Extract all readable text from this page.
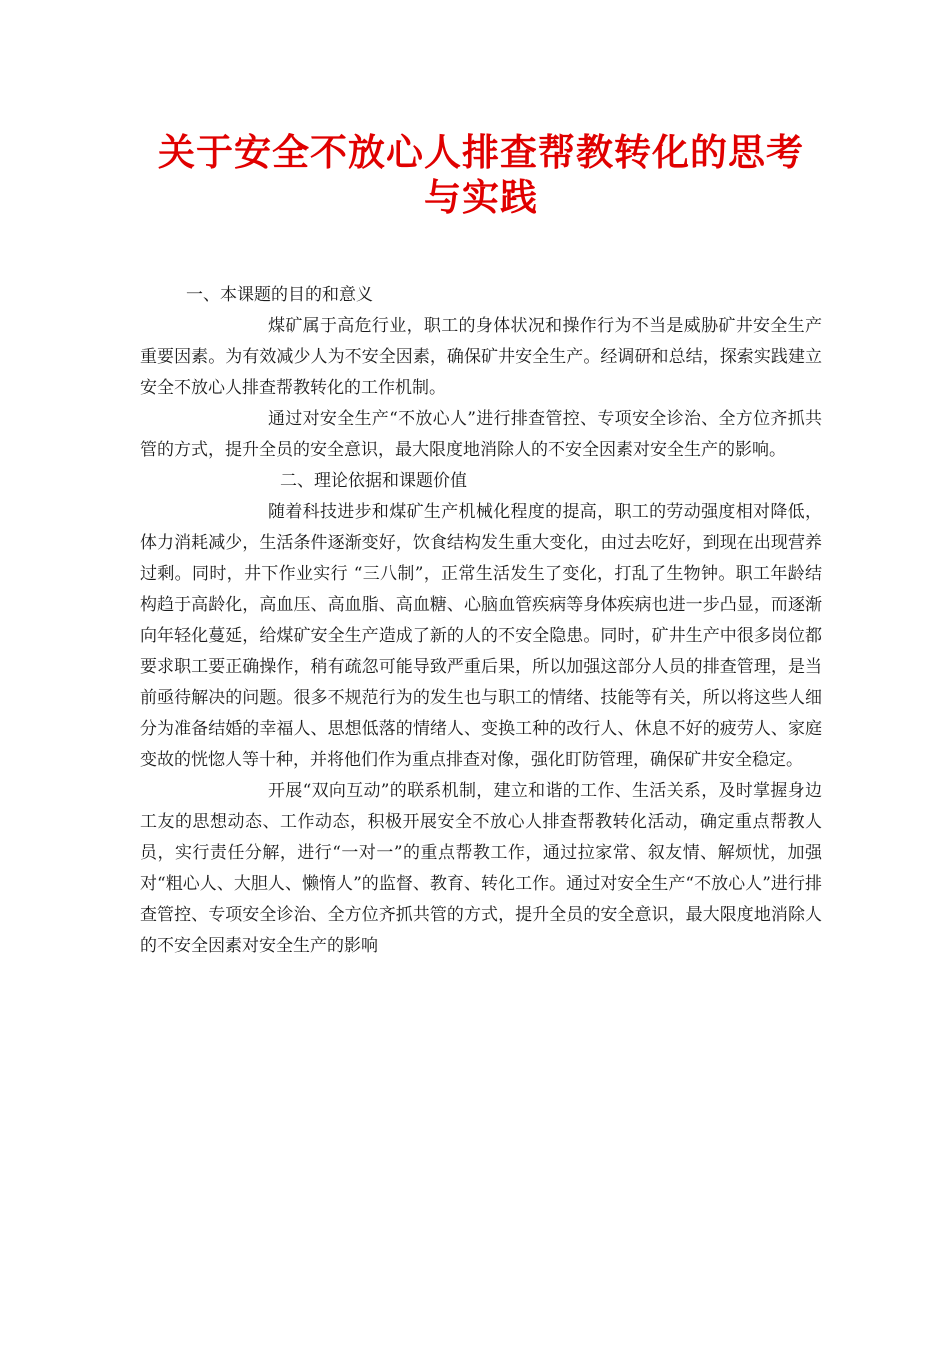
关于安全不放心人排查帮教转化的思考与实践

一、本课题的目的和意义

煤矿属于高危行业，职工的身体状况和操作行为不当是威胁矿井安全生产重要因素。为有效减少人为不安全因素，确保矿井安全生产。经调研和总结，探索实践建立安全不放心人排查帮教转化的工作机制。

通过对安全生产“不放心人”进行排查管控、专项安全诊治、全方位齐抓共管的方式，提升全员的安全意识，最大限度地消除人的不安全因素对安全生产的影响。

二、理论依据和课题价值

随着科技进步和煤矿生产机械化程度的提高，职工的劳动强度相对降低，体力消耗减少，生活条件逐渐变好，饮食结构发生重大变化，由过去吃好，到现在出现营养过剩。同时，井下作业实行 “三八制”，正常生活发生了变化，打乱了生物钟。职工年龄结构趋于高龄化，高血压、高血脂、高血糖、心脑血管疾病等身体疾病也进一步凸显，而逐渐向年轻化蔓延，给煤矿安全生产造成了新的人的不安全隐患。同时，矿井生产中很多岗位都要求职工要正确操作，稍有疏忽可能导致严重后果，所以加强这部分人员的排查管理，是当前亟待解决的问题。很多不规范行为的发生也与职工的情绪、技能等有关，所以将这些人细分为准备结婚的幸福人、思想低落的情绪人、变换工种的改行人、休息不好的疲劳人、家庭变故的恍惚人等十种，并将他们作为重点排查对像，强化盯防管理，确保矿井安全稳定。

开展“双向互动”的联系机制，建立和谐的工作、生活关系，及时掌握身边工友的思想动态、工作动态，积极开展安全不放心人排查帮教转化活动，确定重点帮教人员，实行责任分解，进行“一对一”的重点帮教工作，通过拉家常、叙友情、解烦忧，加强对“粗心人、大胆人、懒惰人”的监督、教育、转化工作。通过对安全生产“不放心人”进行排查管控、专项安全诊治、全方位齐抓共管的方式，提升全员的安全意识，最大限度地消除人的不安全因素对安全生产的影响
